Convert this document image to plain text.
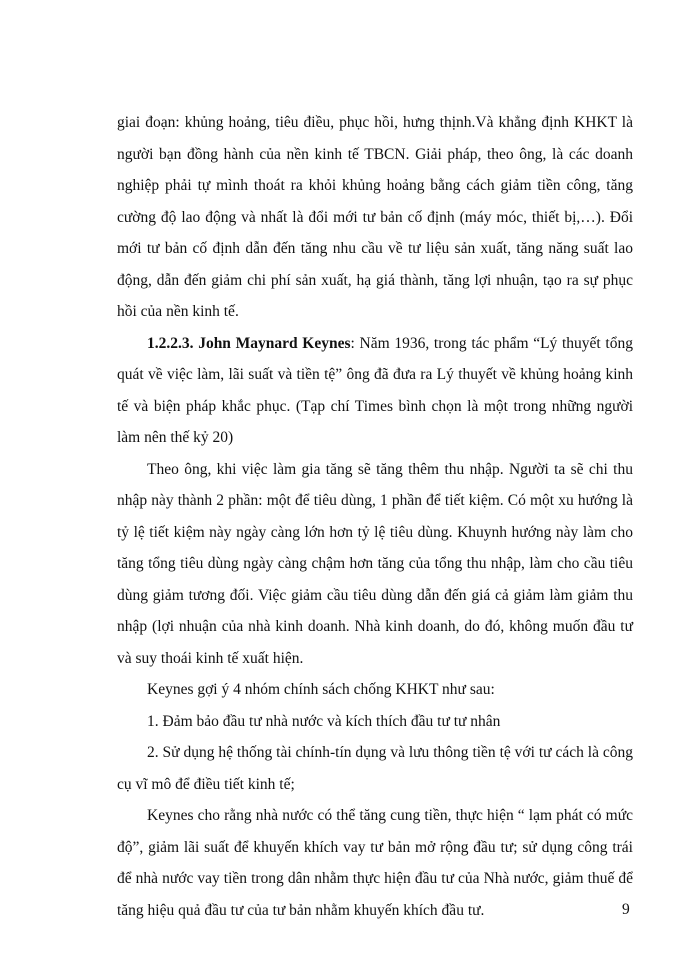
giai đoạn: khủng hoảng, tiêu điều, phục hồi, hưng thịnh.Và khẳng định KHKT là người bạn đồng hành của nền kinh tế TBCN. Giải pháp, theo ông, là các doanh nghiệp phải tự mình thoát ra khỏi khủng hoảng bằng cách giảm tiền công, tăng cường độ lao động và nhất là đổi mới tư bản cố định (máy móc, thiết bị,…). Đổi mới tư bản cố định dẫn đến tăng nhu cầu về tư liệu sản xuất, tăng năng suất lao động, dẫn đến giảm chi phí sản xuất, hạ giá thành, tăng lợi nhuận, tạo ra sự phục hồi của nền kinh tế.

1.2.2.3. John Maynard Keynes: Năm 1936, trong tác phẩm “Lý thuyết tổng quát về việc làm, lãi suất và tiền tệ” ông đã đưa ra Lý thuyết về khủng hoảng kinh tế và biện pháp khắc phục. (Tạp chí Times bình chọn là một trong những người làm nên thế kỷ 20)

Theo ông, khi việc làm gia tăng sẽ tăng thêm thu nhập. Người ta sẽ chi thu nhập này thành 2 phần: một để tiêu dùng, 1 phần để tiết kiệm. Có một xu hướng là tỷ lệ tiết kiệm này ngày càng lớn hơn tỷ lệ tiêu dùng. Khuynh hướng này làm cho tăng tổng tiêu dùng ngày càng chậm hơn tăng của tổng thu nhập, làm cho cầu tiêu dùng giảm tương đối. Việc giảm cầu tiêu dùng dẫn đến giá cả giảm làm giảm thu nhập (lợi nhuận của nhà kinh doanh. Nhà kinh doanh, do đó, không muốn đầu tư và suy thoái kinh tế xuất hiện.

Keynes gợi ý 4 nhóm chính sách chống KHKT như sau:

1. Đảm bảo đầu tư nhà nước và kích thích đầu tư tư nhân

2. Sử dụng hệ thống tài chính-tín dụng và lưu thông tiền tệ với tư cách là công cụ vĩ mô để điều tiết kinh tế;

Keynes cho rằng nhà nước có thể tăng cung tiền, thực hiện “ lạm phát có mức độ”, giảm lãi suất để khuyến khích vay tư bản mở rộng đầu tư; sử dụng công trái để nhà nước vay tiền trong dân nhằm thực hiện đầu tư của Nhà nước, giảm thuế để tăng hiệu quả đầu tư của tư bản nhằm khuyến khích đầu tư.	9
